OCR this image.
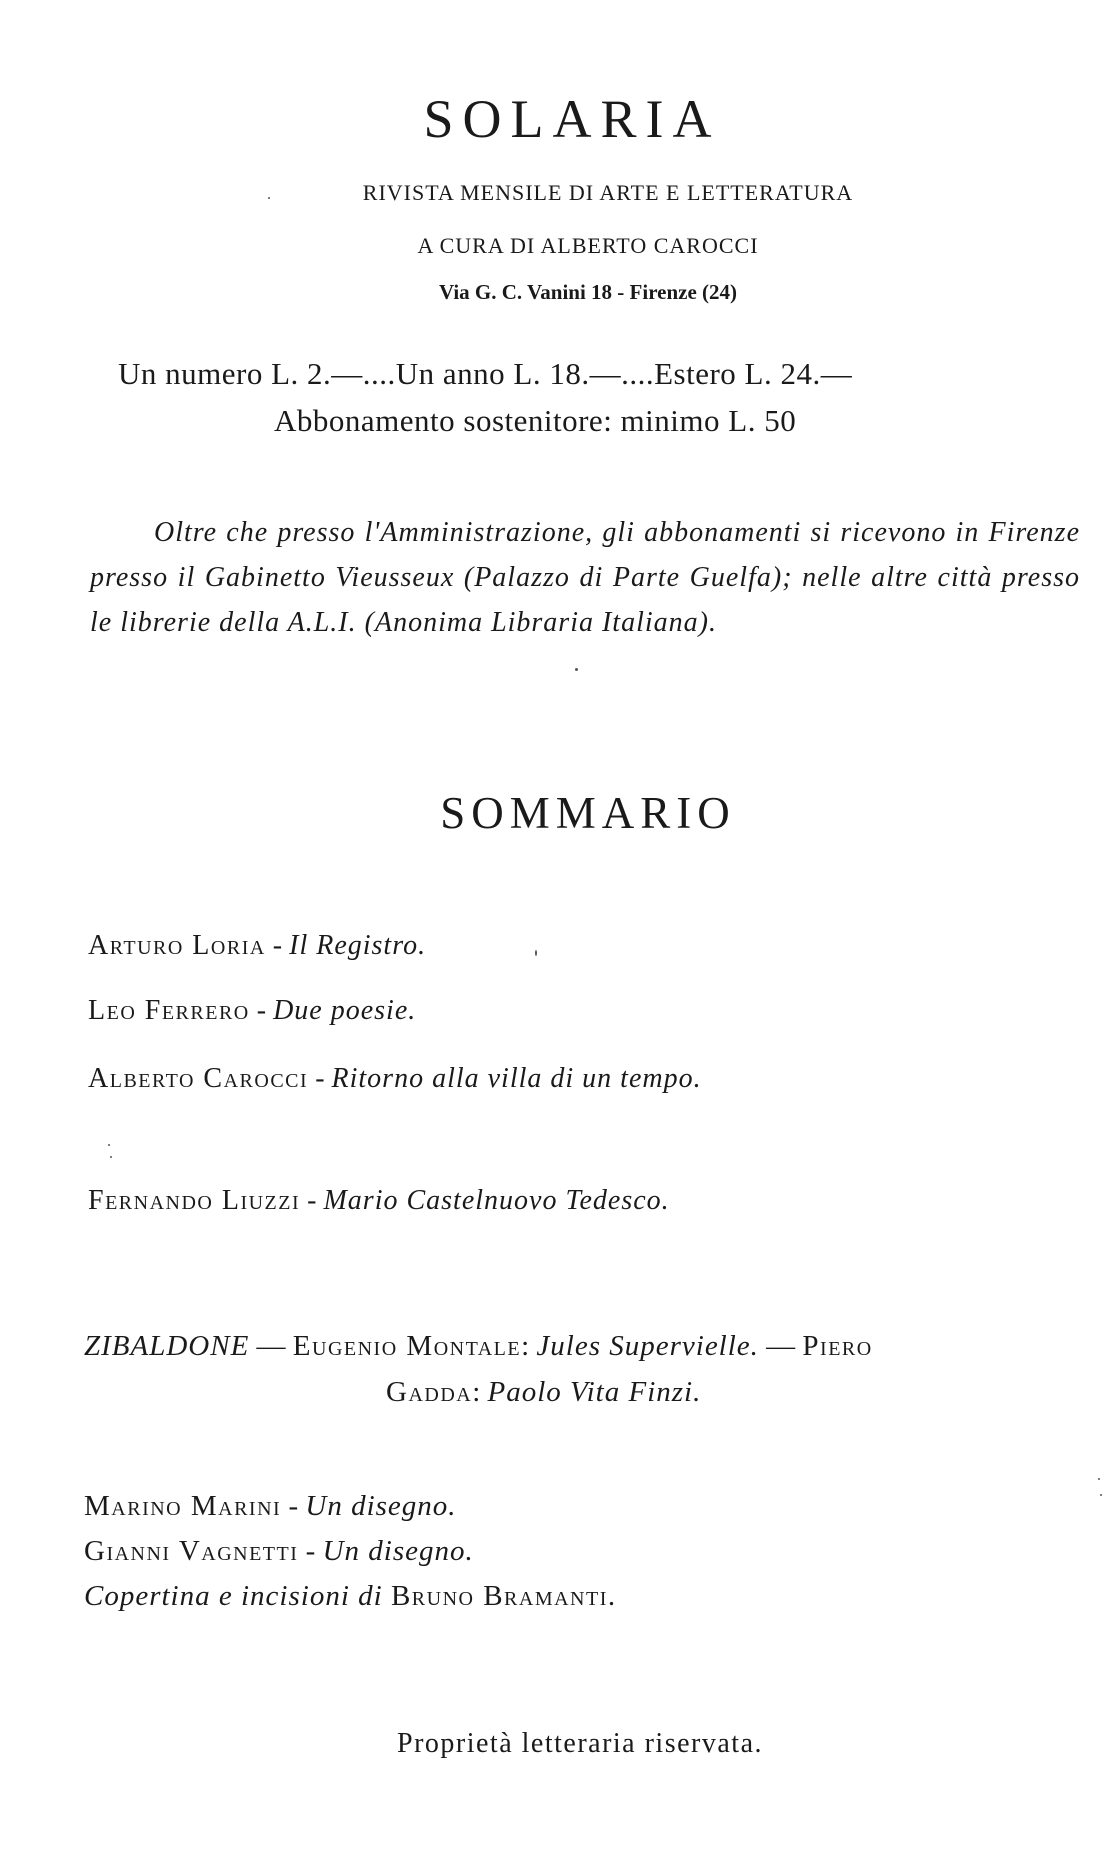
SOLARIA
RIVISTA MENSILE DI ARTE E LETTERATURA
A CURA DI ALBERTO CAROCCI
Via G. C. Vanini 18 - Firenze (24)
Un numero L. 2.—....Un anno L. 18.—....Estero L. 24.—
Abbonamento sostenitore: minimo L. 50
Oltre che presso l'Amministrazione, gli abbonamenti si ricevono in Firenze presso il Gabinetto Vieusseux (Palazzo di Parte Guelfa); nelle altre città presso le librerie della A.L.I. (Anonima Libraria Italiana).
SOMMARIO
Arturo Loria - Il Registro.
Leo Ferrero - Due poesie.
Alberto Carocci - Ritorno alla villa di un tempo.
Fernando Liuzzi - Mario Castelnuovo Tedesco.
ZIBALDONE — Eugenio Montale: Jules Supervielle. — Piero
Gadda: Paolo Vita Finzi.
Marino Marini - Un disegno.
Gianni Vagnetti - Un disegno.
Copertina e incisioni di Bruno Bramanti.
Proprietà letteraria riservata.
